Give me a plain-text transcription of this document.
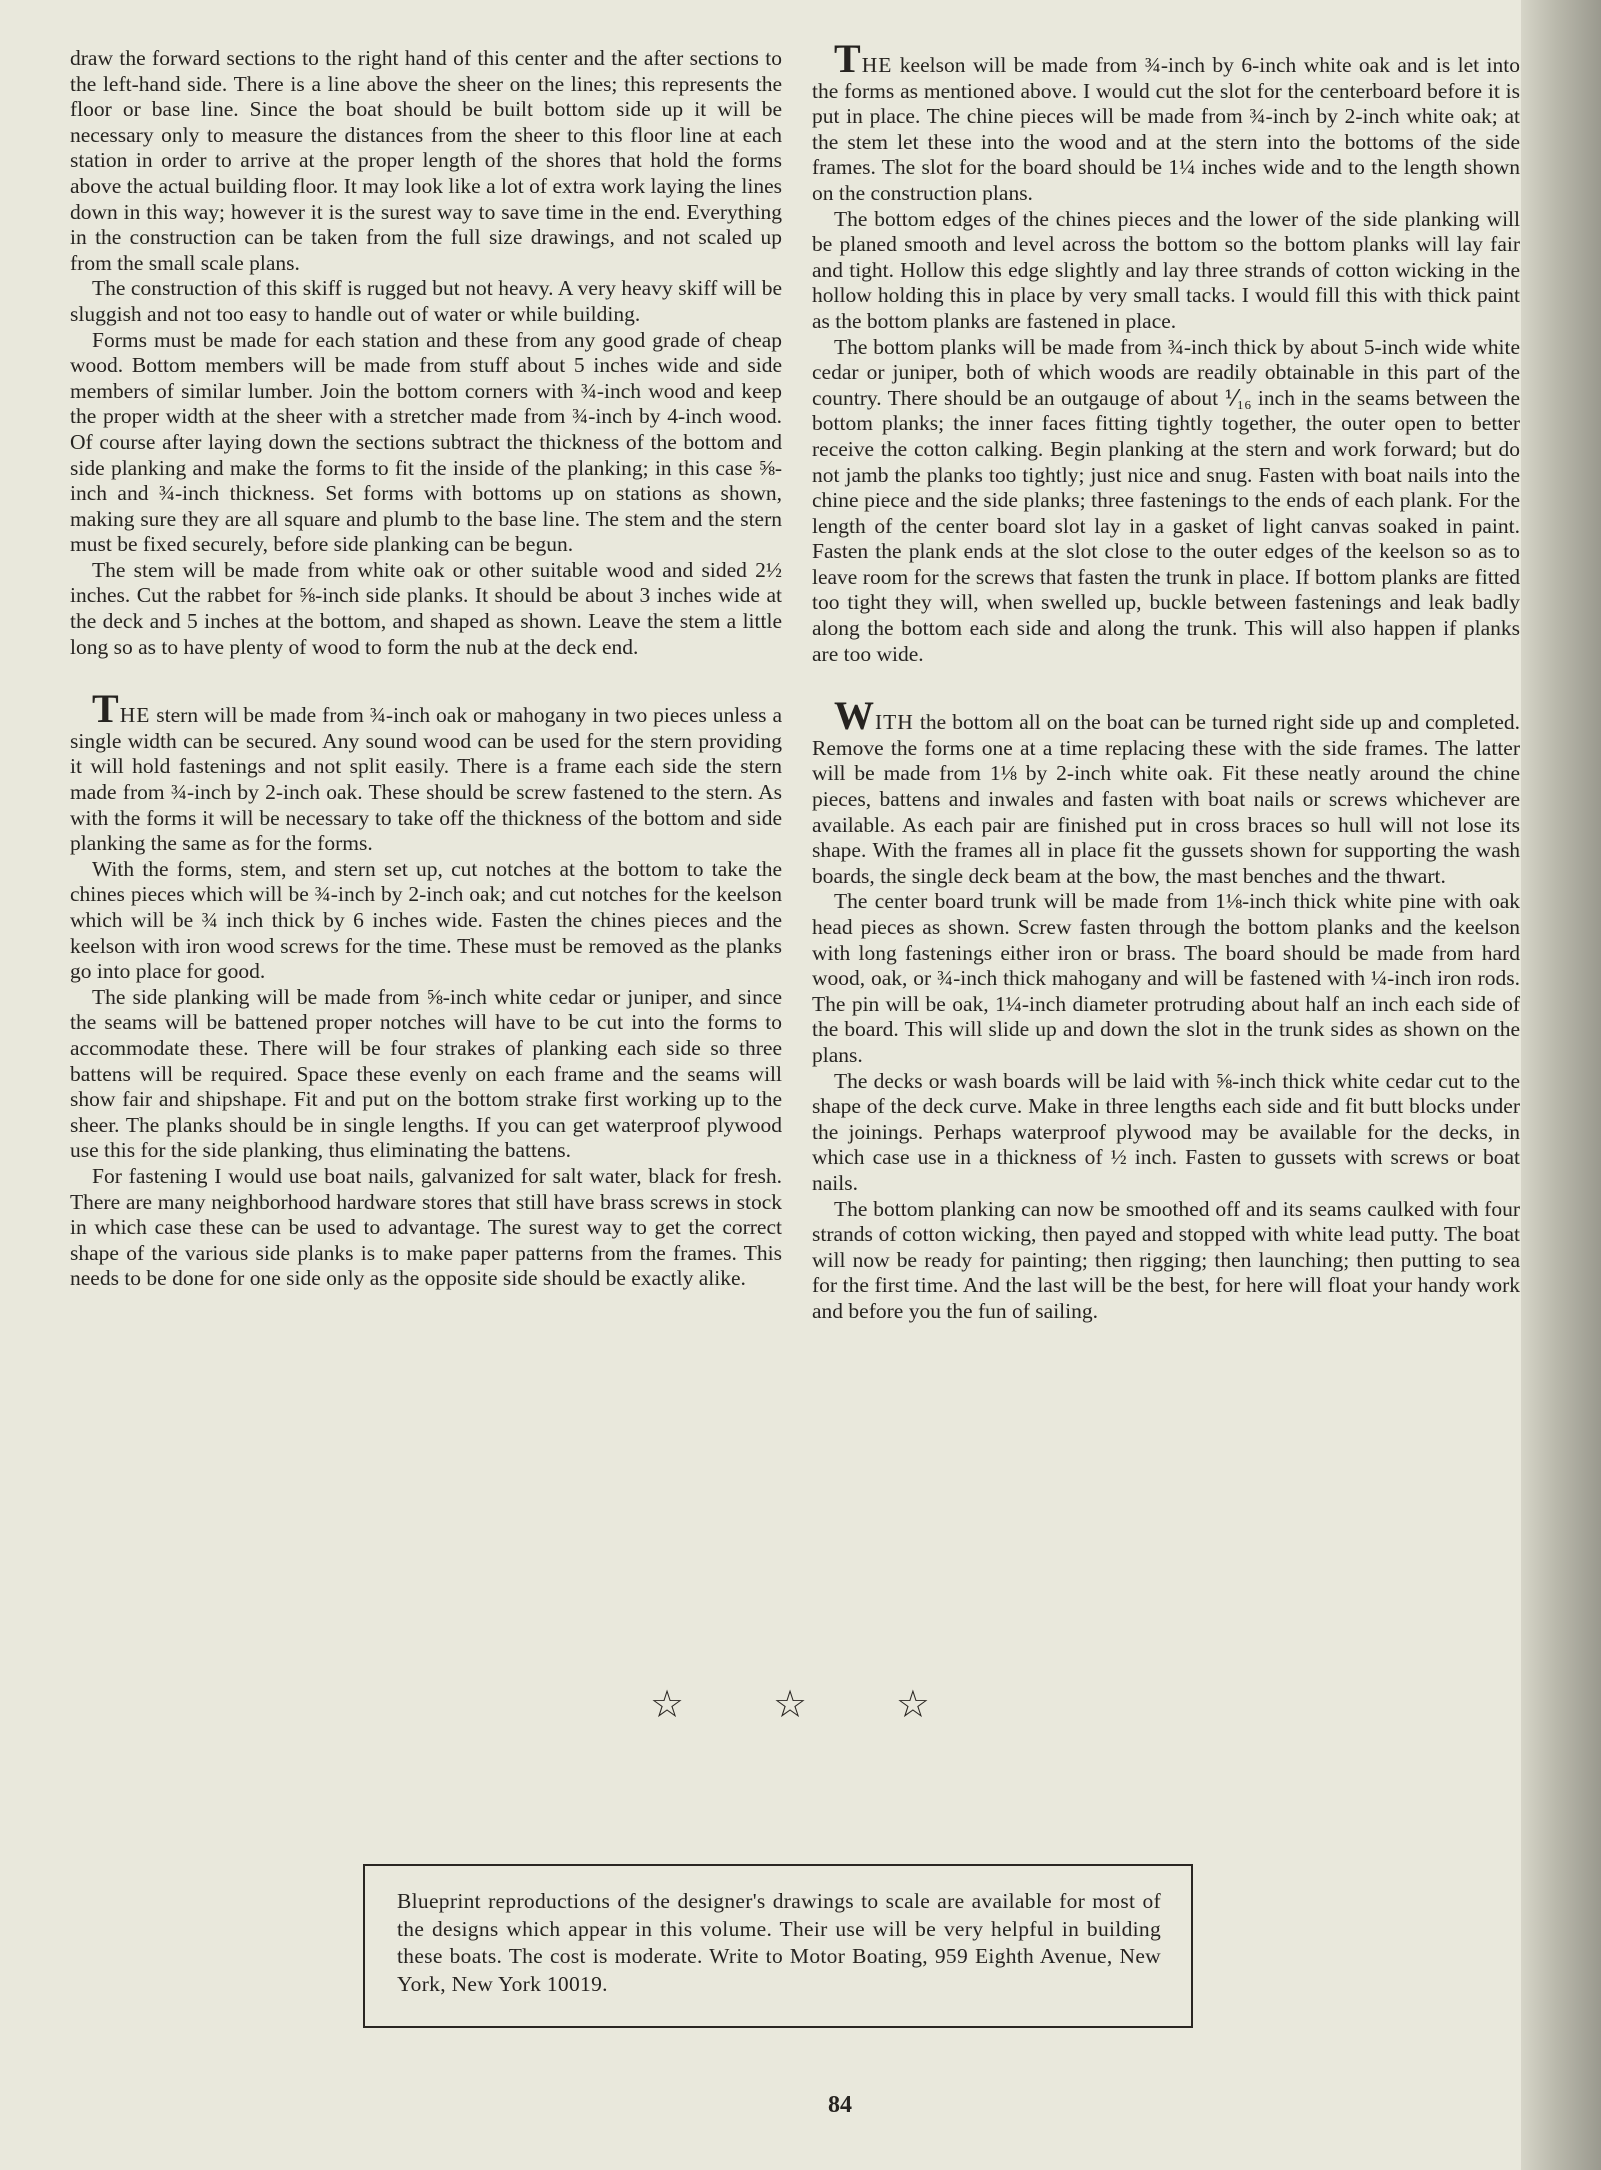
draw the forward sections to the right hand of this center and the after sections to the left-hand side. There is a line above the sheer on the lines; this represents the floor or base line. Since the boat should be built bottom side up it will be necessary only to measure the distances from the sheer to this floor line at each station in order to arrive at the proper length of the shores that hold the forms above the actual building floor. It may look like a lot of extra work laying the lines down in this way; however it is the surest way to save time in the end. Everything in the construction can be taken from the full size drawings, and not scaled up from the small scale plans.

The construction of this skiff is rugged but not heavy. A very heavy skiff will be sluggish and not too easy to handle out of water or while building.

Forms must be made for each station and these from any good grade of cheap wood. Bottom members will be made from stuff about 5 inches wide and side members of similar lumber. Join the bottom corners with ¾-inch wood and keep the proper width at the sheer with a stretcher made from ¾-inch by 4-inch wood. Of course after laying down the sections subtract the thickness of the bottom and side planking and make the forms to fit the inside of the planking; in this case ⅝-inch and ¾-inch thickness. Set forms with bottoms up on stations as shown, making sure they are all square and plumb to the base line. The stem and the stern must be fixed securely, before side planking can be begun.

The stem will be made from white oak or other suitable wood and sided 2½ inches. Cut the rabbet for ⅝-inch side planks. It should be about 3 inches wide at the deck and 5 inches at the bottom, and shaped as shown. Leave the stem a little long so as to have plenty of wood to form the nub at the deck end.

THE stern will be made from ¾-inch oak or mahogany in two pieces unless a single width can be secured. Any sound wood can be used for the stern providing it will hold fastenings and not split easily. There is a frame each side the stern made from ¾-inch by 2-inch oak. These should be screw fastened to the stern. As with the forms it will be necessary to take off the thickness of the bottom and side planking the same as for the forms.

With the forms, stem, and stern set up, cut notches at the bottom to take the chines pieces which will be ¾-inch by 2-inch oak; and cut notches for the keelson which will be ¾ inch thick by 6 inches wide. Fasten the chines pieces and the keelson with iron wood screws for the time. These must be removed as the planks go into place for good.

The side planking will be made from ⅝-inch white cedar or juniper, and since the seams will be battened proper notches will have to be cut into the forms to accommodate these. There will be four strakes of planking each side so three battens will be required. Space these evenly on each frame and the seams will show fair and shipshape. Fit and put on the bottom strake first working up to the sheer. The planks should be in single lengths. If you can get waterproof plywood use this for the side planking, thus eliminating the battens.

For fastening I would use boat nails, galvanized for salt water, black for fresh. There are many neighborhood hardware stores that still have brass screws in stock in which case these can be used to advantage. The surest way to get the correct shape of the various side planks is to make paper patterns from the frames. This needs to be done for one side only as the opposite side should be exactly alike.

THE keelson will be made from ¾-inch by 6-inch white oak and is let into the forms as mentioned above. I would cut the slot for the centerboard before it is put in place. The chine pieces will be made from ¾-inch by 2-inch white oak; at the stem let these into the wood and at the stern into the bottoms of the side frames. The slot for the board should be 1¼ inches wide and to the length shown on the construction plans.

The bottom edges of the chines pieces and the lower of the side planking will be planed smooth and level across the bottom so the bottom planks will lay fair and tight. Hollow this edge slightly and lay three strands of cotton wicking in the hollow holding this in place by very small tacks. I would fill this with thick paint as the bottom planks are fastened in place.

The bottom planks will be made from ¾-inch thick by about 5-inch wide white cedar or juniper, both of which woods are readily obtainable in this part of the country. There should be an outgauge of about ⅟₁₆ inch in the seams between the bottom planks; the inner faces fitting tightly together, the outer open to better receive the cotton calking. Begin planking at the stern and work forward; but do not jamb the planks too tightly; just nice and snug. Fasten with boat nails into the chine piece and the side planks; three fastenings to the ends of each plank. For the length of the center board slot lay in a gasket of light canvas soaked in paint. Fasten the plank ends at the slot close to the outer edges of the keelson so as to leave room for the screws that fasten the trunk in place. If bottom planks are fitted too tight they will, when swelled up, buckle between fastenings and leak badly along the bottom each side and along the trunk. This will also happen if planks are too wide.

WITH the bottom all on the boat can be turned right side up and completed. Remove the forms one at a time replacing these with the side frames. The latter will be made from 1⅛ by 2-inch white oak. Fit these neatly around the chine pieces, battens and inwales and fasten with boat nails or screws whichever are available. As each pair are finished put in cross braces so hull will not lose its shape. With the frames all in place fit the gussets shown for supporting the wash boards, the single deck beam at the bow, the mast benches and the thwart.

The center board trunk will be made from 1⅛-inch thick white pine with oak head pieces as shown. Screw fasten through the bottom planks and the keelson with long fastenings either iron or brass. The board should be made from hard wood, oak, or ¾-inch thick mahogany and will be fastened with ¼-inch iron rods. The pin will be oak, 1¼-inch diameter protruding about half an inch each side of the board. This will slide up and down the slot in the trunk sides as shown on the plans.

The decks or wash boards will be laid with ⅝-inch thick white cedar cut to the shape of the deck curve. Make in three lengths each side and fit butt blocks under the joinings. Perhaps waterproof plywood may be available for the decks, in which case use in a thickness of ½ inch. Fasten to gussets with screws or boat nails.

The bottom planking can now be smoothed off and its seams caulked with four strands of cotton wicking, then payed and stopped with white lead putty. The boat will now be ready for painting; then rigging; then launching; then putting to sea for the first time. And the last will be the best, for here will float your handy work and before you the fun of sailing.

☆ ☆ ☆
Blueprint reproductions of the designer's drawings to scale are available for most of the designs which appear in this volume. Their use will be very helpful in building these boats. The cost is moderate. Write to Motor Boating, 959 Eighth Avenue, New York, New York 10019.
84
